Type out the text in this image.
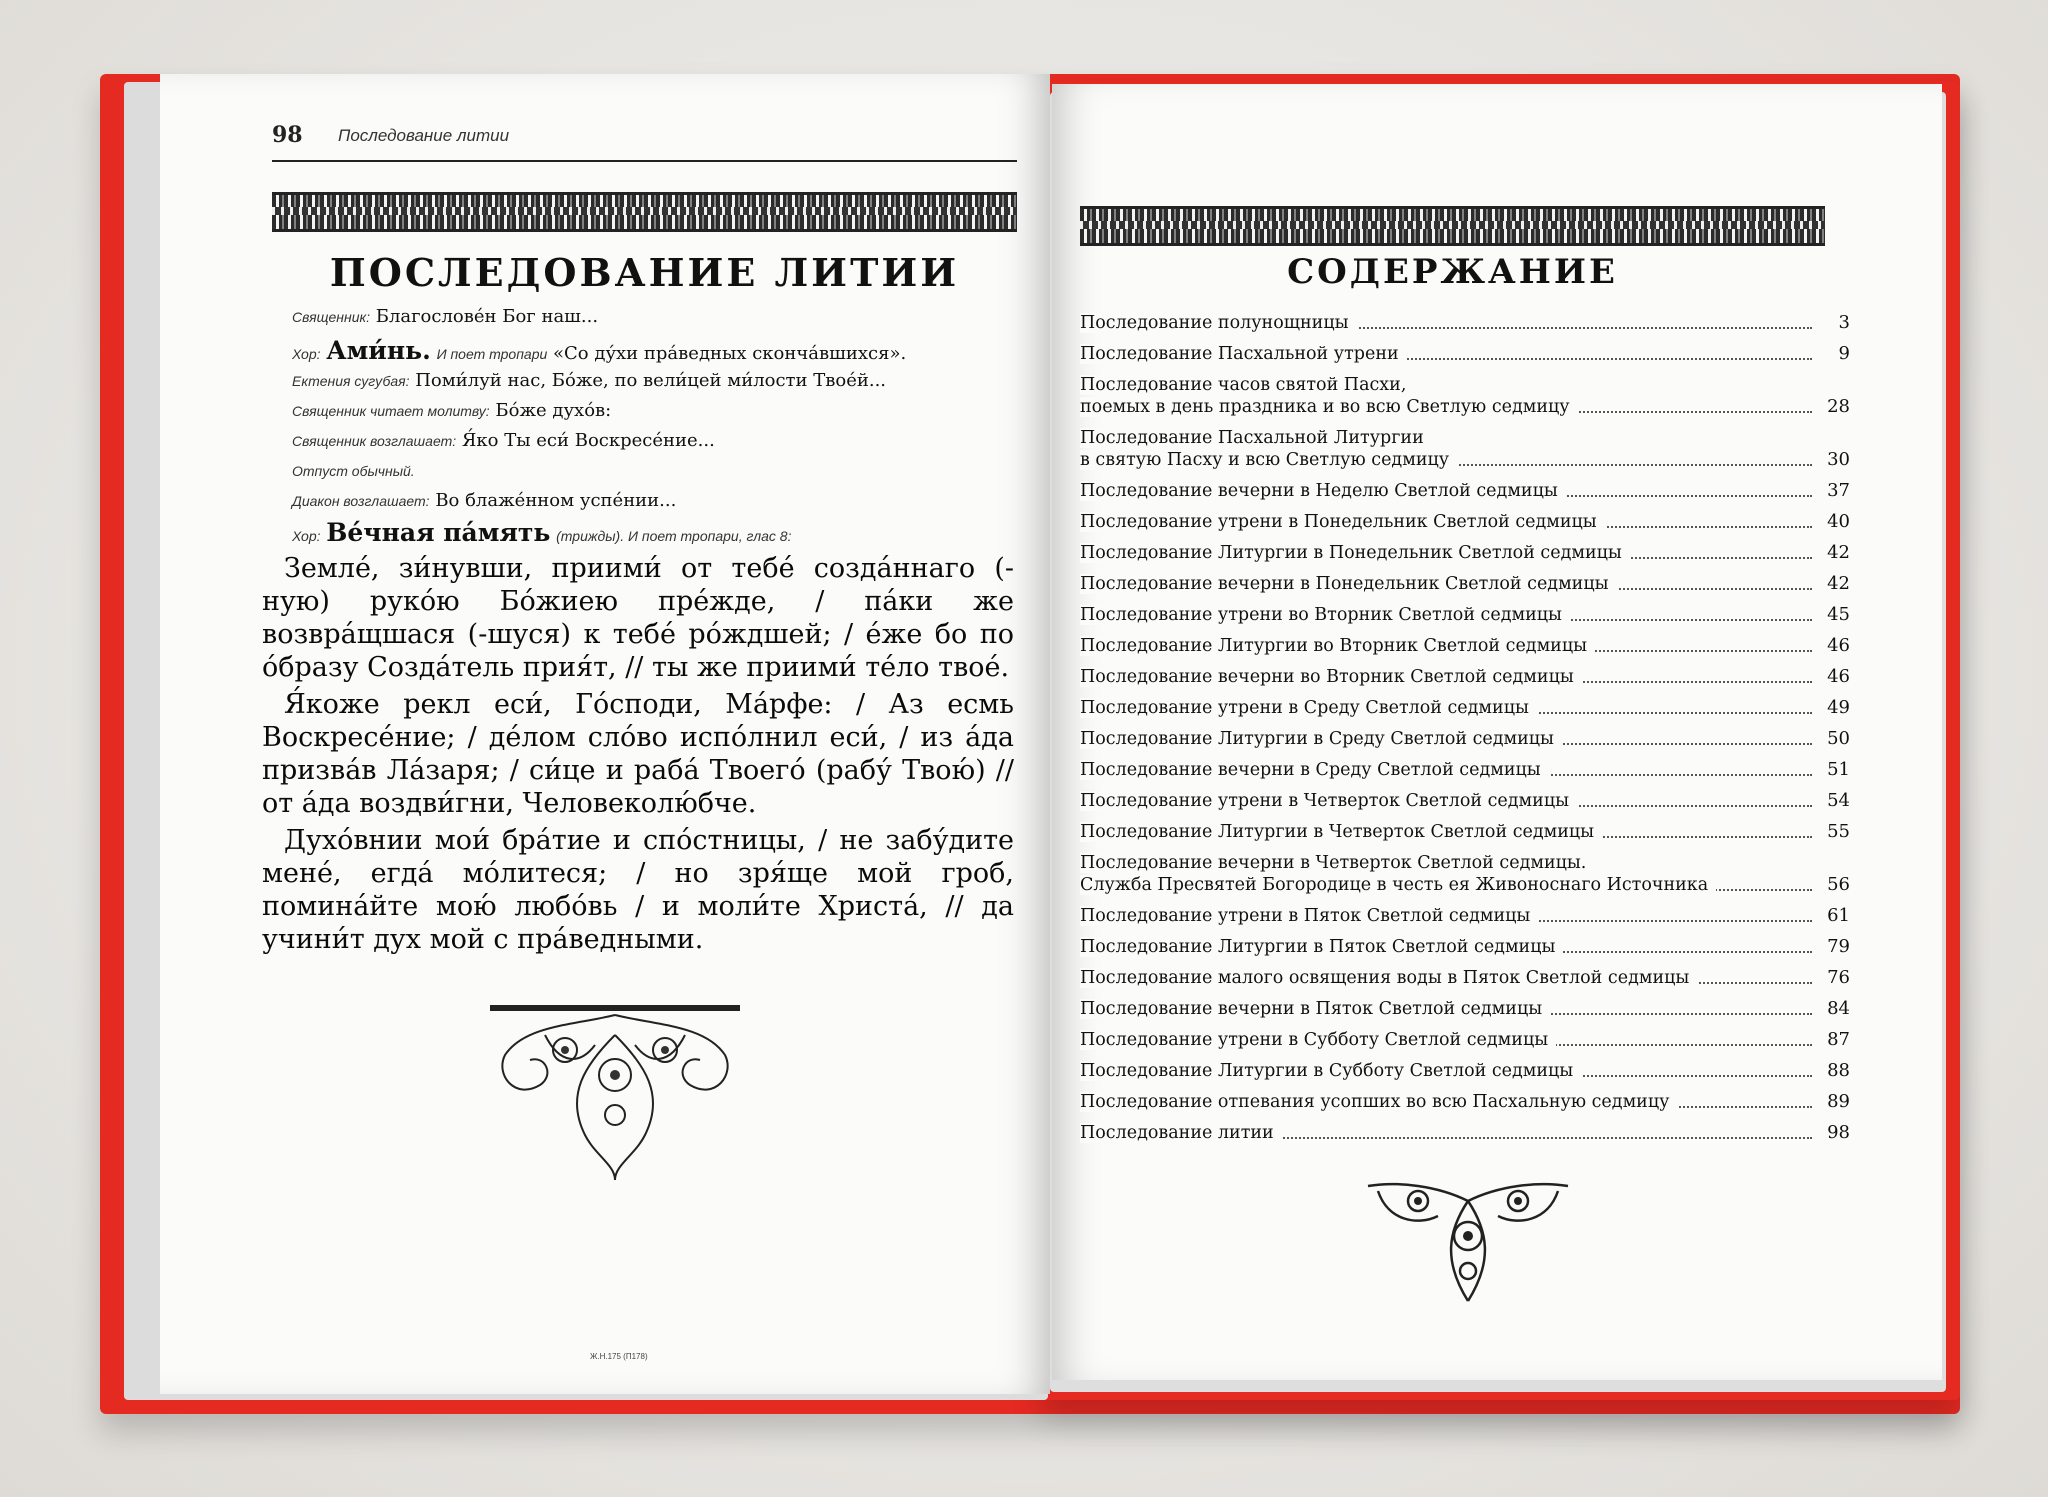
98 Последование литии
ПОСЛЕДОВАНИЕ ЛИТИИ
Священник: Благословéн Бог наш...
Хор: Ами́нь. И поет тропари «Со ду́хи пра́ведных сконча́вшихся».
Ектения сугубая: Поми́луй нас, Бо́же, по вели́цей ми́лости Твое́й...
Священник читает молитву: Бо́же духо́в:
Священник возглашает: Я́ко Ты еси́ Воскресе́ние...
Отпуст обычный.
Диакон возглашает: Во блаже́нном успе́нии...
Хор: Ве́чная па́мять (трижды). И поет тропари, глас 8:

Земле́, зи́нувши, приими́ от тебе́ созда́ннаго (-ную) руко́ю Бо́жиею пре́жде, / па́ки же возвра́щшася (-шуся) к тебе́ ро́ждшей; / е́же бо по о́бразу Созда́тель прия́т, // ты же приими́ те́ло твое́.

Я́коже рекл еси́, Го́споди, Ма́рфе: / Аз есмь Воскресе́ние; / де́лом сло́во испо́лнил еси́, / из а́да призва́в Ла́заря; / си́це и раба́ Твоего́ (рабу́ Твою́) // от а́да воздви́гни, Человеколю́бче.

Духо́внии мои́ бра́тие и спо́стницы, / не забу́дите мене́, егда́ мо́литеся; / но зря́ще мой гроб, помина́йте мою́ любо́вь / и моли́те Христа́, // да учини́т дух мой с пра́ведными.

Ж.Н.175 (П178)
СОДЕРЖАНИЕ
Последование полунощницы	3
Последование Пасхальной утрени	9
Последование часов святой Пасхи,
поемых в день праздника и во всю Светлую седмицу	28
Последование Пасхальной Литургии
в святую Пасху и всю Светлую седмицу	30
Последование вечерни в Неделю Светлой седмицы	37
Последование утрени в Понедельник Светлой седмицы	40
Последование Литургии в Понедельник Светлой седмицы	42
Последование вечерни в Понедельник Светлой седмицы	42
Последование утрени во Вторник Светлой седмицы	45
Последование Литургии во Вторник Светлой седмицы	46
Последование вечерни во Вторник Светлой седмицы	46
Последование утрени в Среду Светлой седмицы	49
Последование Литургии в Среду Светлой седмицы	50
Последование вечерни в Среду Светлой седмицы	51
Последование утрени в Четверток Светлой седмицы	54
Последование Литургии в Четверток Светлой седмицы	55
Последование вечерни в Четверток Светлой седмицы.
Служба Пресвятей Богородице в честь ея Живоноснаго Источника	56
Последование утрени в Пяток Светлой седмицы	61
Последование Литургии в Пяток Светлой седмицы	79
Последование малого освящения воды в Пяток Светлой седмицы	76
Последование вечерни в Пяток Светлой седмицы	84
Последование утрени в Субботу Светлой седмицы	87
Последование Литургии в Субботу Светлой седмицы	88
Последование отпевания усопших во всю Пасхальную седмицу	89
Последование литии	98
